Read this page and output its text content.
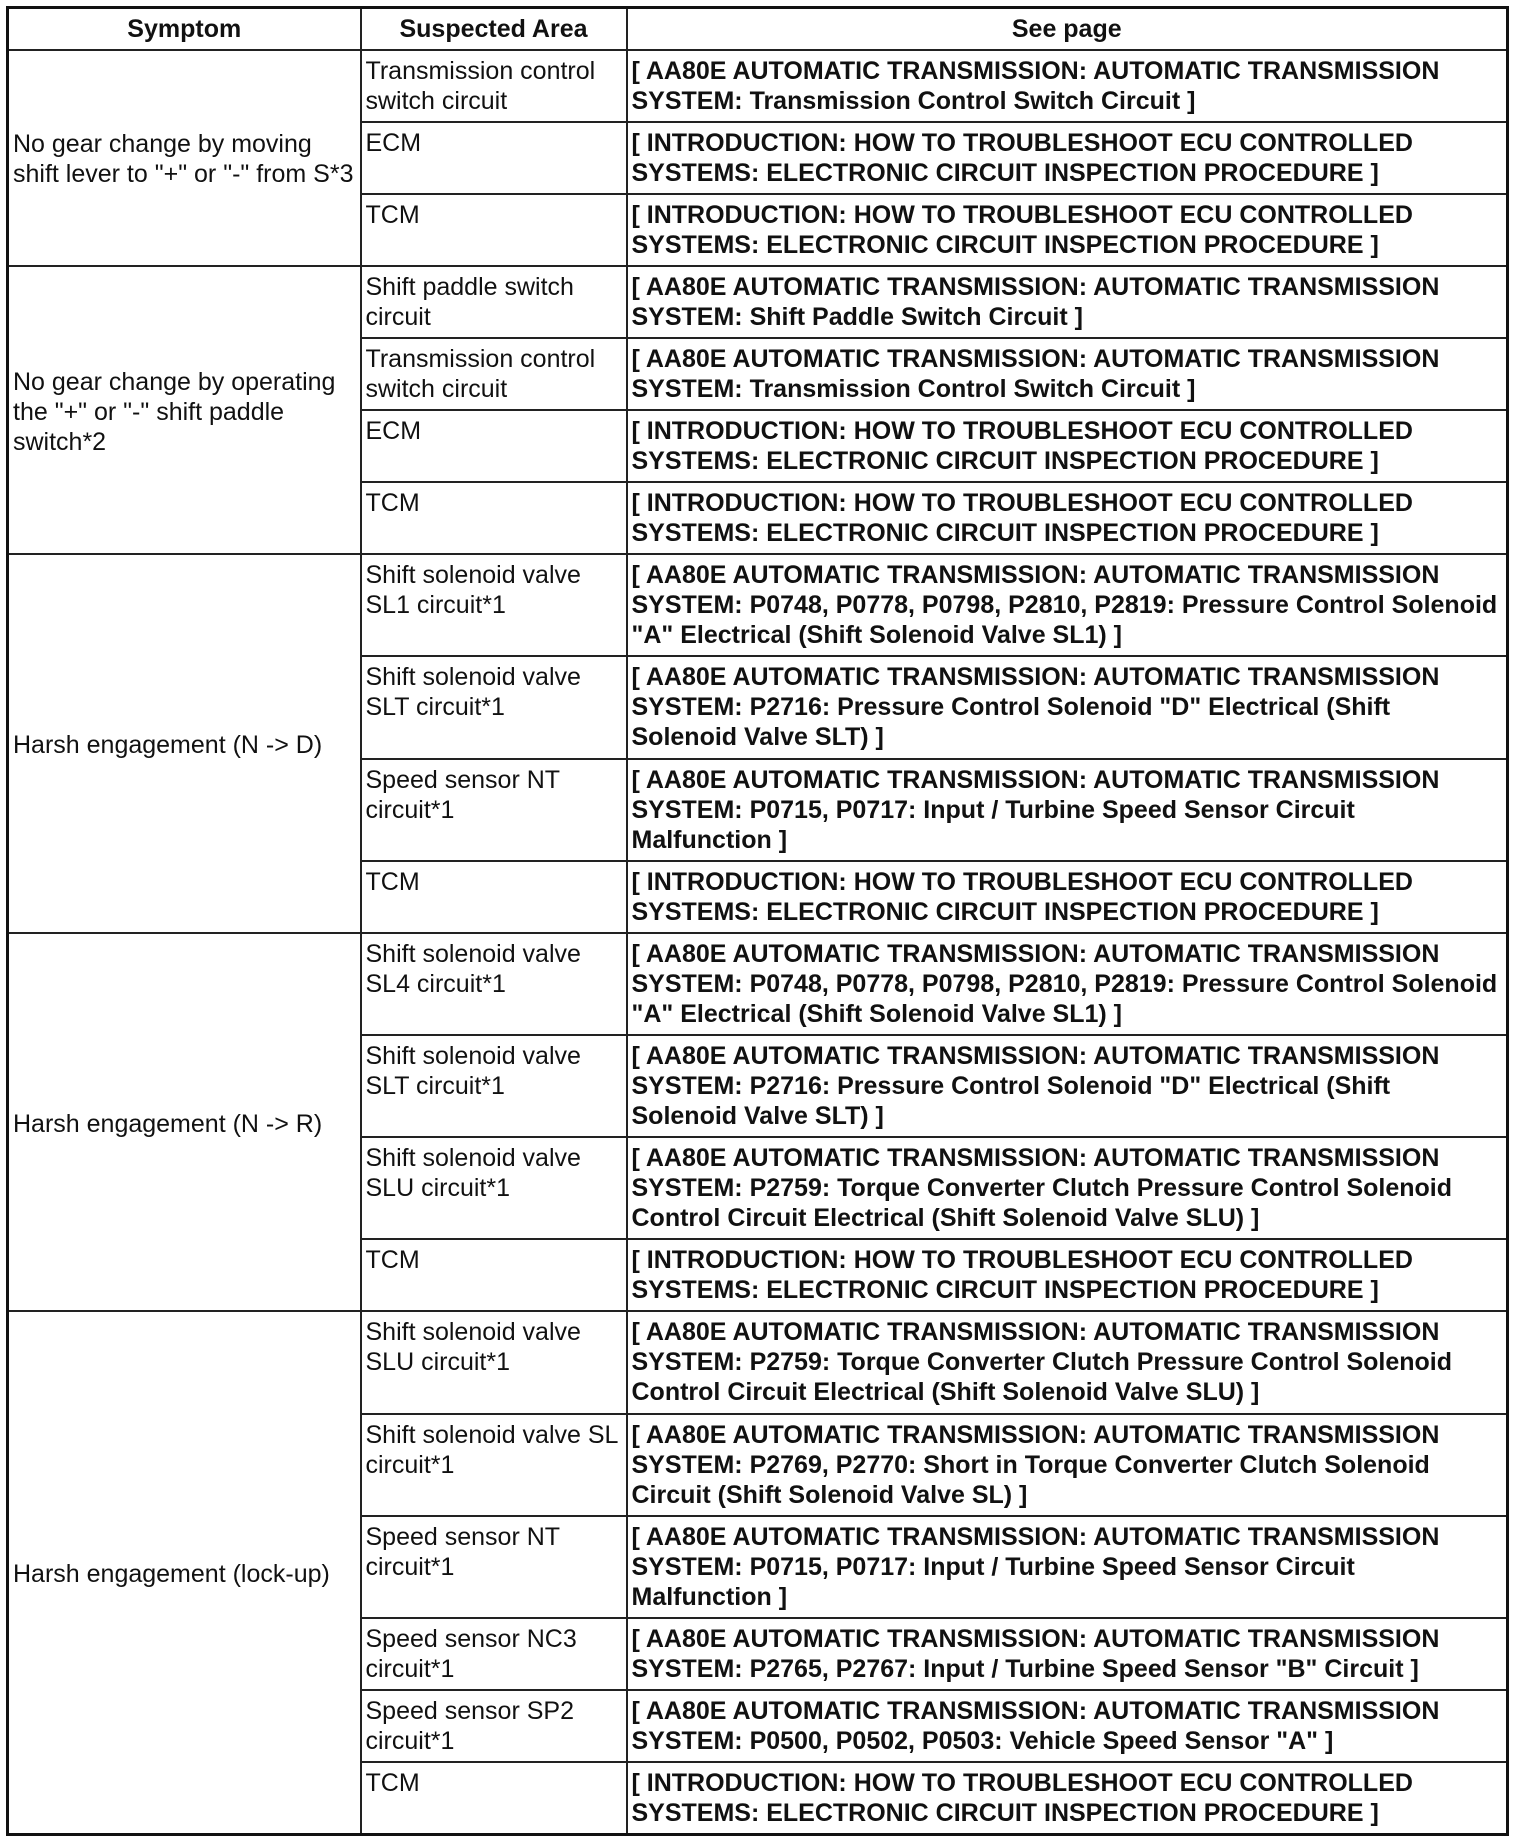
Symptom	Suspected Area	See page
No gear change by moving shift lever to "+" or "-" from S*3	Transmission control switch circuit	[ AA80E AUTOMATIC TRANSMISSION: AUTOMATIC TRANSMISSION SYSTEM: Transmission Control Switch Circuit ]
	ECM	[ INTRODUCTION: HOW TO TROUBLESHOOT ECU CONTROLLED SYSTEMS: ELECTRONIC CIRCUIT INSPECTION PROCEDURE ]
	TCM	[ INTRODUCTION: HOW TO TROUBLESHOOT ECU CONTROLLED SYSTEMS: ELECTRONIC CIRCUIT INSPECTION PROCEDURE ]
No gear change by operating the "+" or "-" shift paddle switch*2	Shift paddle switch circuit	[ AA80E AUTOMATIC TRANSMISSION: AUTOMATIC TRANSMISSION SYSTEM: Shift Paddle Switch Circuit ]
	Transmission control switch circuit	[ AA80E AUTOMATIC TRANSMISSION: AUTOMATIC TRANSMISSION SYSTEM: Transmission Control Switch Circuit ]
	ECM	[ INTRODUCTION: HOW TO TROUBLESHOOT ECU CONTROLLED SYSTEMS: ELECTRONIC CIRCUIT INSPECTION PROCEDURE ]
	TCM	[ INTRODUCTION: HOW TO TROUBLESHOOT ECU CONTROLLED SYSTEMS: ELECTRONIC CIRCUIT INSPECTION PROCEDURE ]
Harsh engagement (N -> D)	Shift solenoid valve SL1 circuit*1	[ AA80E AUTOMATIC TRANSMISSION: AUTOMATIC TRANSMISSION SYSTEM: P0748, P0778, P0798, P2810, P2819: Pressure Control Solenoid "A" Electrical (Shift Solenoid Valve SL1) ]
	Shift solenoid valve SLT circuit*1	[ AA80E AUTOMATIC TRANSMISSION: AUTOMATIC TRANSMISSION SYSTEM: P2716: Pressure Control Solenoid "D" Electrical (Shift Solenoid Valve SLT) ]
	Speed sensor NT circuit*1	[ AA80E AUTOMATIC TRANSMISSION: AUTOMATIC TRANSMISSION SYSTEM: P0715, P0717: Input / Turbine Speed Sensor Circuit Malfunction ]
	TCM	[ INTRODUCTION: HOW TO TROUBLESHOOT ECU CONTROLLED SYSTEMS: ELECTRONIC CIRCUIT INSPECTION PROCEDURE ]
Harsh engagement (N -> R)	Shift solenoid valve SL4 circuit*1	[ AA80E AUTOMATIC TRANSMISSION: AUTOMATIC TRANSMISSION SYSTEM: P0748, P0778, P0798, P2810, P2819: Pressure Control Solenoid "A" Electrical (Shift Solenoid Valve SL1) ]
	Shift solenoid valve SLT circuit*1	[ AA80E AUTOMATIC TRANSMISSION: AUTOMATIC TRANSMISSION SYSTEM: P2716: Pressure Control Solenoid "D" Electrical (Shift Solenoid Valve SLT) ]
	Shift solenoid valve SLU circuit*1	[ AA80E AUTOMATIC TRANSMISSION: AUTOMATIC TRANSMISSION SYSTEM: P2759: Torque Converter Clutch Pressure Control Solenoid Control Circuit Electrical (Shift Solenoid Valve SLU) ]
	TCM	[ INTRODUCTION: HOW TO TROUBLESHOOT ECU CONTROLLED SYSTEMS: ELECTRONIC CIRCUIT INSPECTION PROCEDURE ]
Harsh engagement (lock-up)	Shift solenoid valve SLU circuit*1	[ AA80E AUTOMATIC TRANSMISSION: AUTOMATIC TRANSMISSION SYSTEM: P2759: Torque Converter Clutch Pressure Control Solenoid Control Circuit Electrical (Shift Solenoid Valve SLU) ]
	Shift solenoid valve SL circuit*1	[ AA80E AUTOMATIC TRANSMISSION: AUTOMATIC TRANSMISSION SYSTEM: P2769, P2770: Short in Torque Converter Clutch Solenoid Circuit (Shift Solenoid Valve SL) ]
	Speed sensor NT circuit*1	[ AA80E AUTOMATIC TRANSMISSION: AUTOMATIC TRANSMISSION SYSTEM: P0715, P0717: Input / Turbine Speed Sensor Circuit Malfunction ]
	Speed sensor NC3 circuit*1	[ AA80E AUTOMATIC TRANSMISSION: AUTOMATIC TRANSMISSION SYSTEM: P2765, P2767: Input / Turbine Speed Sensor "B" Circuit ]
	Speed sensor SP2 circuit*1	[ AA80E AUTOMATIC TRANSMISSION: AUTOMATIC TRANSMISSION SYSTEM: P0500, P0502, P0503: Vehicle Speed Sensor "A" ]
	TCM	[ INTRODUCTION: HOW TO TROUBLESHOOT ECU CONTROLLED SYSTEMS: ELECTRONIC CIRCUIT INSPECTION PROCEDURE ]
